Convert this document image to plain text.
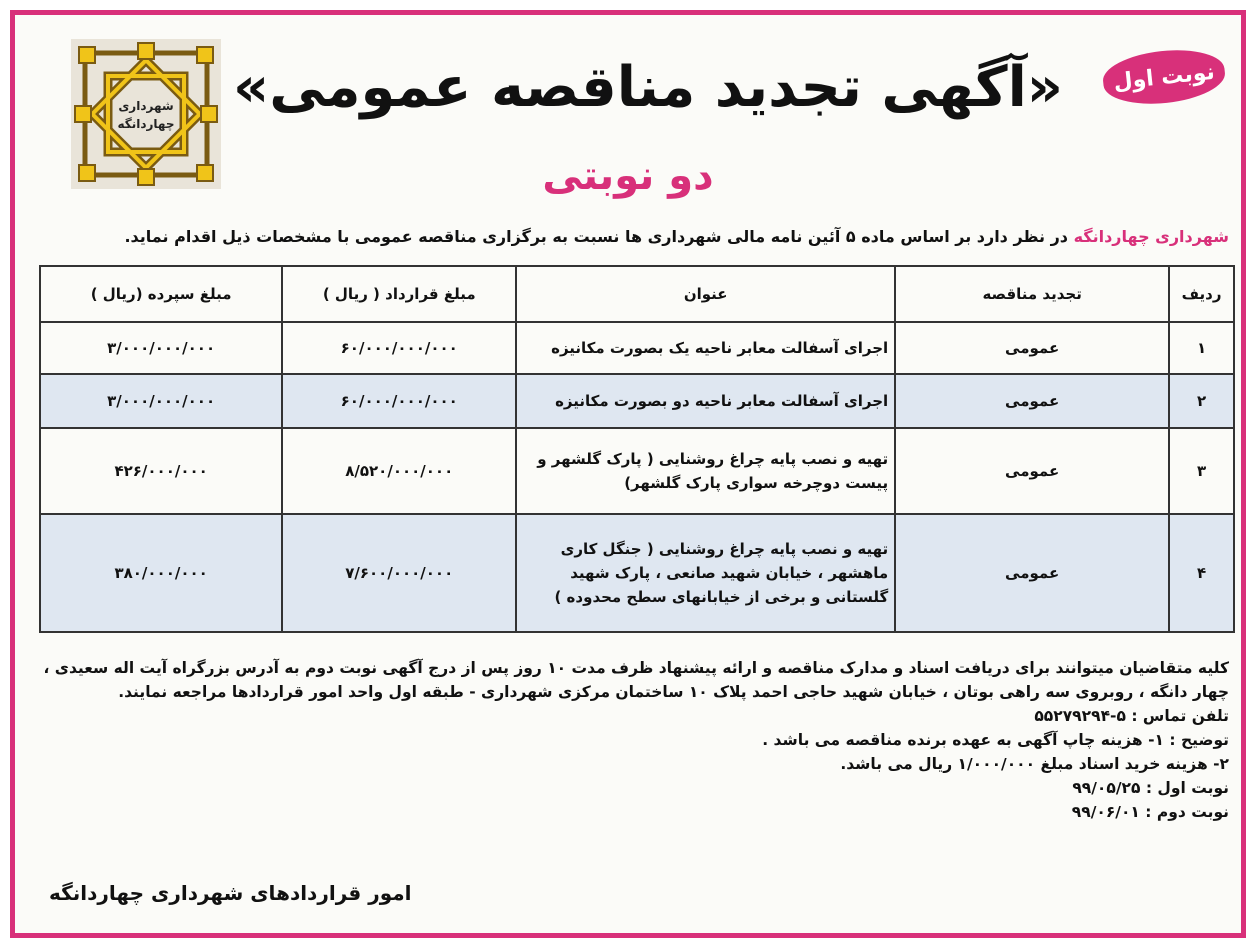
نوبت اول
«آگهی تجدید مناقصه عمومی»
دو نوبتی
شهرداری
چهاردانگه
شهرداری چهاردانگه در نظر دارد بر اساس ماده ۵ آئین نامه مالی شهرداری ها نسبت به برگزاری مناقصه عمومی با مشخصات ذیل اقدام نماید.
ردیف	تجدید مناقصه	عنوان	مبلغ قرارداد ( ریال )	مبلغ سپرده (ریال )
۱	عمومی	اجرای آسفالت معابر ناحیه یک بصورت مکانیزه	۶۰/۰۰۰/۰۰۰/۰۰۰	۳/۰۰۰/۰۰۰/۰۰۰
۲	عمومی	اجرای آسفالت معابر ناحیه دو بصورت مکانیزه	۶۰/۰۰۰/۰۰۰/۰۰۰	۳/۰۰۰/۰۰۰/۰۰۰
۳	عمومی	تهیه و نصب پایه چراغ روشنایی ( پارک گلشهر و پیست دوچرخه سواری پارک گلشهر)	۸/۵۲۰/۰۰۰/۰۰۰	۴۲۶/۰۰۰/۰۰۰
۴	عمومی	تهیه و نصب پایه چراغ روشنایی ( جنگل کاری ماهشهر ، خیابان شهید صانعی ، پارک شهید گلستانی و برخی از خیابانهای سطح محدوده )	۷/۶۰۰/۰۰۰/۰۰۰	۳۸۰/۰۰۰/۰۰۰

کلیه متقاضیان میتوانند برای دریافت اسناد و مدارک مناقصه و ارائه پیشنهاد ظرف مدت ۱۰ روز پس از درج آگهی نوبت دوم به آدرس بزرگراه آیت اله سعیدی ، چهار دانگه ، روبروی سه راهی بوتان ، خیابان شهید حاجی احمد پلاک ۱۰ ساختمان مرکزی شهرداری - طبقه اول واحد امور قراردادها مراجعه نمایند.

تلفن تماس : ۵-۵۵۲۷۹۲۹۴

توضیح : ۱- هزینه چاپ آگهی به عهده برنده مناقصه می باشد .

۲- هزینه خرید اسناد مبلغ ۱/۰۰۰/۰۰۰ ریال می باشد.

نوبت اول : ۹۹/۰۵/۲۵

نوبت دوم : ۹۹/۰۶/۰۱

امور قراردادهای شهرداری چهاردانگه
